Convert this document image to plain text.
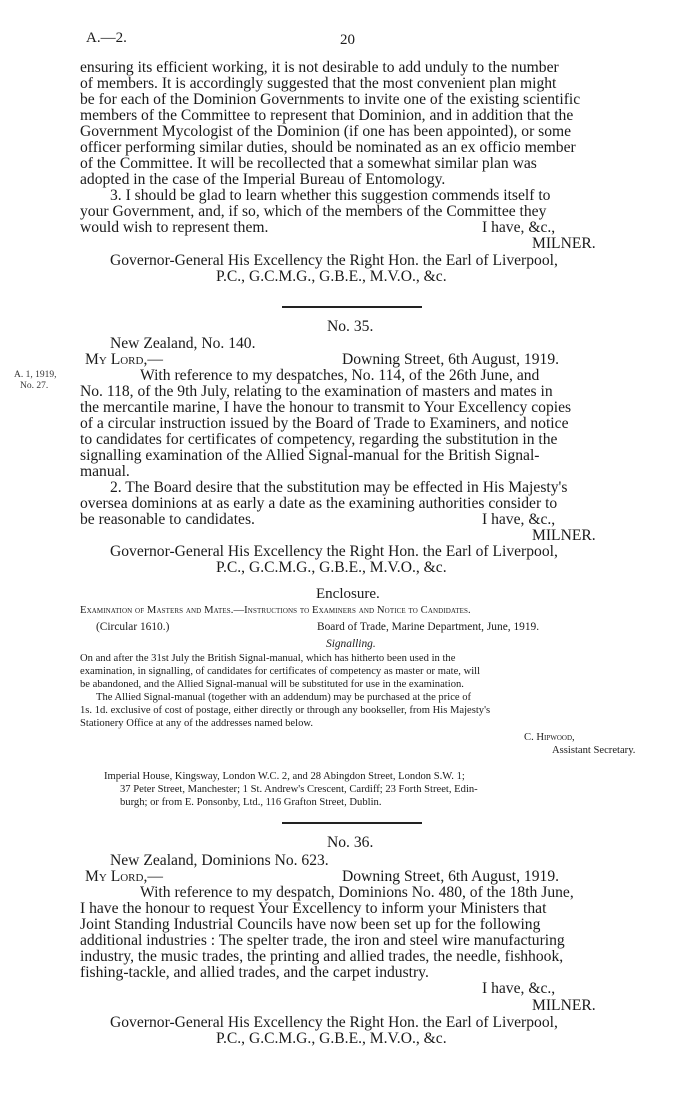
A.—2.	20
ensuring its efficient working, it is not desirable to add unduly to the number
of members. It is accordingly suggested that the most convenient plan might
be for each of the Dominion Governments to invite one of the existing scientific
members of the Committee to represent that Dominion, and in addition that the
Government Mycologist of the Dominion (if one has been appointed), or some
officer performing similar duties, should be nominated as an ex officio member
of the Committee. It will be recollected that a somewhat similar plan was
adopted in the case of the Imperial Bureau of Entomology.
3. I should be glad to learn whether this suggestion commends itself to
your Government, and, if so, which of the members of the Committee they
would wish to represent them.	I have, &c.,
MILNER.
Governor-General His Excellency the Right Hon. the Earl of Liverpool,
P.C., G.C.M.G., G.B.E., M.V.O., &c.
No. 35.
A. 1, 1919,
No. 27.
New Zealand, No. 140.
My Lord,—	Downing Street, 6th August, 1919.
With reference to my despatches, No. 114, of the 26th June, and
No. 118, of the 9th July, relating to the examination of masters and mates in
the mercantile marine, I have the honour to transmit to Your Excellency copies
of a circular instruction issued by the Board of Trade to Examiners, and notice
to candidates for certificates of competency, regarding the substitution in the
signalling examination of the Allied Signal-manual for the British Signal-
manual.
2. The Board desire that the substitution may be effected in His Majesty's
oversea dominions at as early a date as the examining authorities consider to
be reasonable to candidates.	I have, &c.,
MILNER.
Governor-General His Excellency the Right Hon. the Earl of Liverpool,
P.C., G.C.M.G., G.B.E., M.V.O., &c.
Enclosure.
Examination of Masters and Mates.—Instructions to Examiners and Notice to Candidates.
(Circular 1610.)	Board of Trade, Marine Department, June, 1919.
Signalling.
On and after the 31st July the British Signal-manual, which has hitherto been used in the
examination, in signalling, of candidates for certificates of competency as master or mate, will
be abandoned, and the Allied Signal-manual will be substituted for use in the examination.
The Allied Signal-manual (together with an addendum) may be purchased at the price of
1s. 1d. exclusive of cost of postage, either directly or through any bookseller, from His Majesty's
Stationery Office at any of the addresses named below.
C. Hipwood,
Assistant Secretary.
Imperial House, Kingsway, London W.C. 2, and 28 Abingdon Street, London S.W. 1;
37 Peter Street, Manchester; 1 St. Andrew's Crescent, Cardiff; 23 Forth Street, Edin-
burgh; or from E. Ponsonby, Ltd., 116 Grafton Street, Dublin.
No. 36.
New Zealand, Dominions No. 623.
My Lord,—	Downing Street, 6th August, 1919.
With reference to my despatch, Dominions No. 480, of the 18th June,
I have the honour to request Your Excellency to inform your Ministers that
Joint Standing Industrial Councils have now been set up for the following
additional industries : The spelter trade, the iron and steel wire manufacturing
industry, the music trades, the printing and allied trades, the needle, fishhook,
fishing-tackle, and allied trades, and the carpet industry.
I have, &c.,
MILNER.
Governor-General His Excellency the Right Hon. the Earl of Liverpool,
P.C., G.C.M.G., G.B.E., M.V.O., &c.
